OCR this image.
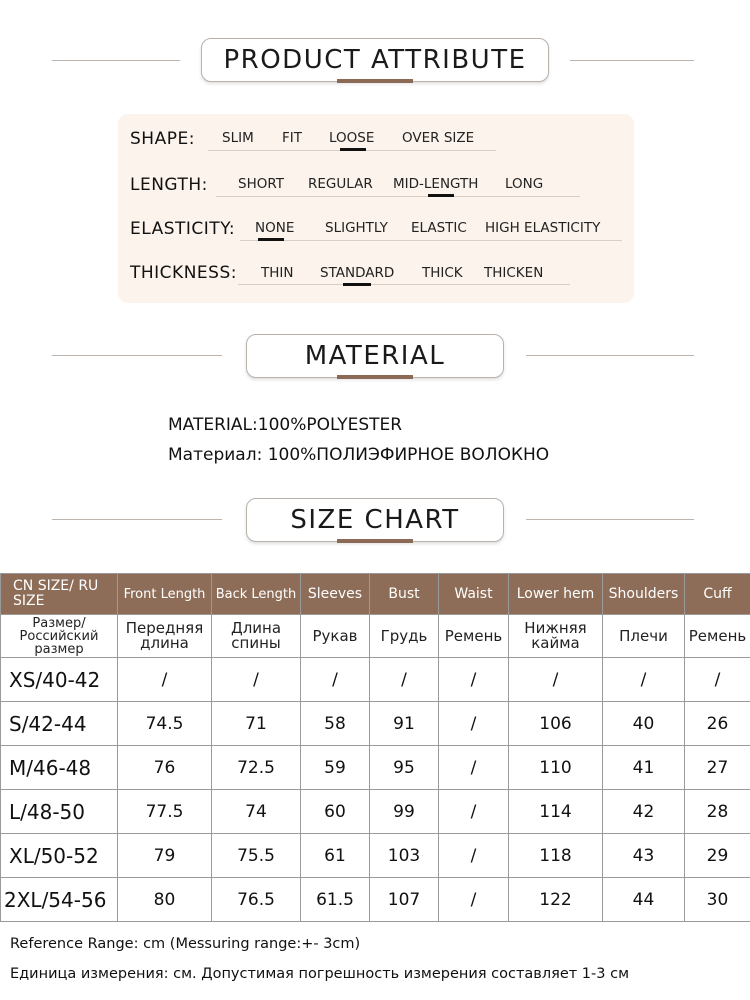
PRODUCT ATTRIBUTE
SHAPE: SLIM FIT LOOSE OVER SIZE
LENGTH: SHORT REGULAR MID-LENGTH LONG
ELASTICITY: NONE SLIGHTLY ELASTIC HIGH ELASTICITY
THICKNESS: THIN STANDARD THICK THICKEN
MATERIAL
MATERIAL:100%POLYESTER
Материал: 100%ПОЛИЭФИРНОЕ ВОЛОКНО
SIZE CHART
CN SIZE/ RU SIZE	Front Length	Back Length	Sleeves	Bust	Waist	Lower hem	Shoulders	Cuff
Размер/ Российский размер	Передняя длина	Длина спины	Рукав	Грудь	Ремень	Нижняя кайма	Плечи	Ремень
XS/40-42	/	/	/	/	/	/	/	/
S/42-44	74.5	71	58	91	/	106	40	26
M/46-48	76	72.5	59	95	/	110	41	27
L/48-50	77.5	74	60	99	/	114	42	28
XL/50-52	79	75.5	61	103	/	118	43	29
2XL/54-56	80	76.5	61.5	107	/	122	44	30
Reference Range: cm (Messuring range:+- 3cm)
Единица измерения: см. Допустимая погрешность измерения составляет 1-3 см
